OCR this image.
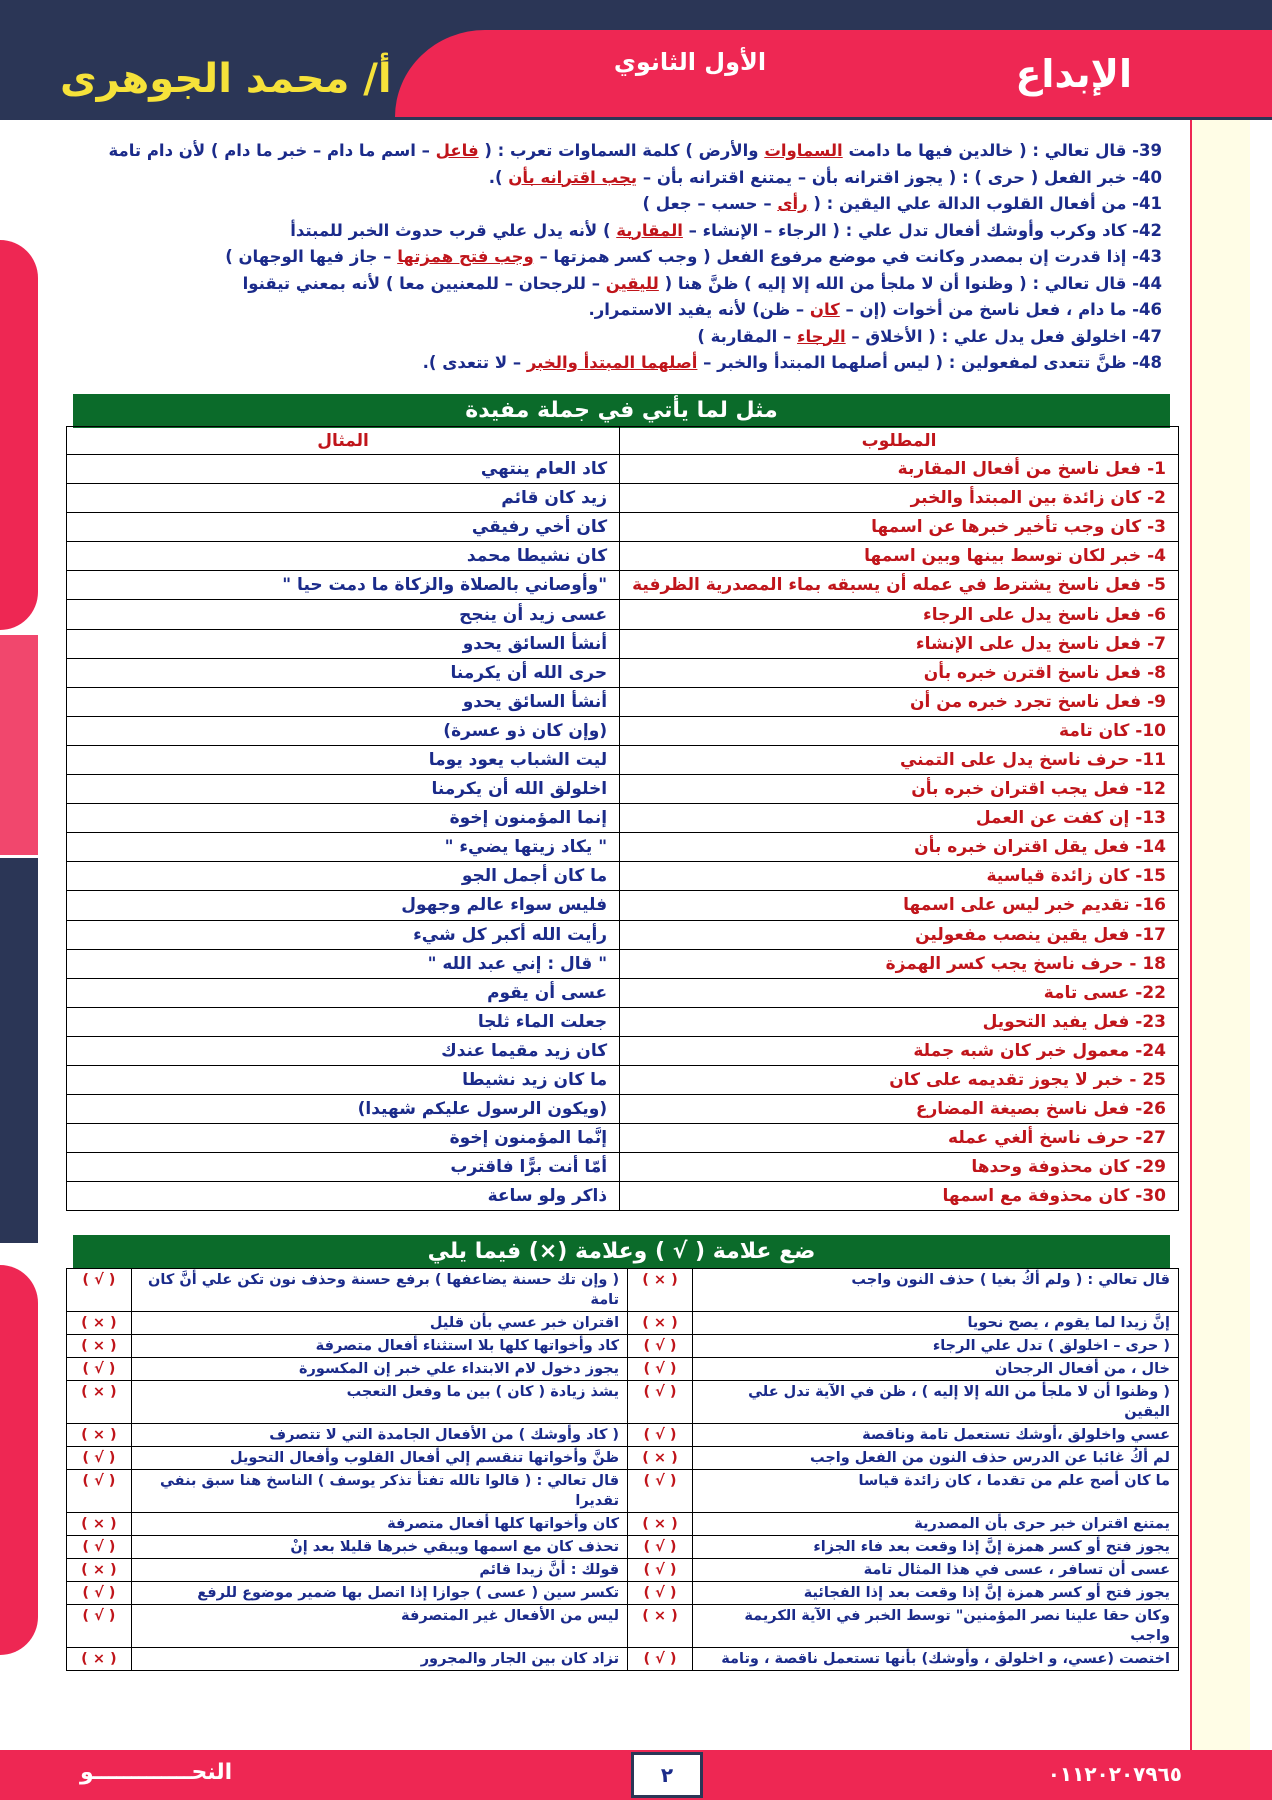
الإبداع
الأول الثانوي
أ/ محمد الجوهرى
39- قال تعالي : ( خالدين فيها ما دامت السماوات والأرض ) كلمة السماوات تعرب : ( فاعل – اسم ما دام – خبر ما دام ) لأن دام تامة
40- خبر الفعل ( حرى ) : ( يجوز اقترانه بأن – يمتنع اقترانه بأن – يجب اقترانه بأن ).
41- من أفعال القلوب الدالة علي اليقين : ( رأى – حسب – جعل )
42- كاد وكرب وأوشك أفعال تدل علي : ( الرجاء – الإنشاء – المقاربة ) لأنه يدل علي قرب حدوث الخبر للمبتدأ
43- إذا قدرت إن بمصدر وكانت في موضع مرفوع الفعل ( وجب كسر همزتها – وجب فتح همزتها – جاز فيها الوجهان )
44- قال تعالي : ( وظنوا أن لا ملجأ من الله إلا إليه ) ظنَّ هنا ( لليقين – للرجحان – للمعنيين معا ) لأنه بمعني تيقنوا
46- ما دام ، فعل ناسخ من أخوات (إن – كان – ظن) لأنه يفيد الاستمرار.
47- اخلولق فعل يدل علي : ( الأخلاق – الرجاء – المقاربة )
48- ظنَّ تتعدى لمفعولين : ( ليس أصلهما المبتدأ والخبر – أصلهما المبتدأ والخبر – لا تتعدى ).
مثل لما يأتي في جملة مفيدة
المطلوب	المثال
1- فعل ناسخ من أفعال المقاربة	كاد العام ينتهي
2- كان زائدة بين المبتدأ والخبر	زيد كان قائم
3- كان وجب تأخير خبرها عن اسمها	كان أخي رفيقي
4- خبر لكان توسط بينها وبين اسمها	كان نشيطا محمد
5- فعل ناسخ يشترط في عمله أن يسبقه بماء المصدرية الظرفية	"وأوصاني بالصلاة والزكاة ما دمت حيا "
6- فعل ناسخ يدل على الرجاء	عسى زيد أن ينجح
7- فعل ناسخ يدل على الإنشاء	أنشأ السائق يحدو
8- فعل ناسخ اقترن خبره بأن	حرى الله أن يكرمنا
9- فعل ناسخ تجرد خبره من أن	أنشأ السائق يحدو
10- كان تامة	(وإن كان ذو عسرة)
11- حرف ناسخ يدل على التمني	ليت الشباب يعود يوما
12- فعل يجب اقتران خبره بأن	اخلولق الله أن يكرمنا
13- إن كفت عن العمل	إنما المؤمنون إخوة
14- فعل يقل اقتران خبره بأن	" يكاد زيتها يضيء "
15- كان زائدة قياسية	ما كان أجمل الجو
16- تقديم خبر ليس على اسمها	فليس سواء عالم وجهول
17- فعل يقين ينصب مفعولين	رأيت الله أكبر كل شيء
18 - حرف ناسخ يجب كسر الهمزة	" قال : إني عبد الله "
22- عسى تامة	عسى أن يقوم
23- فعل يفيد التحويل	جعلت الماء ثلجا
24- معمول خبر كان شبه جملة	كان زيد مقيما عندك
25 - خبر لا يجوز تقديمه على كان	ما كان زيد نشيطا
26- فعل ناسخ بصيغة المضارع	(ويكون الرسول عليكم شهيدا)
27- حرف ناسخ ألغي عمله	إنَّما المؤمنون إخوة
29- كان محذوفة وحدها	أمّا أنت برًّا فاقترب
30- كان محذوفة مع اسمها	ذاكر ولو ساعة
ضع علامة ( √ ) وعلامة (×) فيما يلي
قال تعالي : ( ولم أكُ بغيا ) حذف النون واجب	( × )	( وإن تك حسنة يضاعفها ) برفع حسنة وحذف نون تكن علي أنَّ كان تامة	( √ )
إنَّ زيدا لما يقوم ، يصح نحويا	( × )	اقتران خبر عسي بأن قليل	( × )
( حرى – اخلولق ) تدل علي الرجاء	( √ )	كاد وأخواتها كلها بلا استثناء أفعال متصرفة	( × )
خال ، من أفعال الرجحان	( √ )	يجوز دخول لام الابتداء علي خبر إن المكسورة	( √ )
( وظنوا أن لا ملجأ من الله إلا إليه ) ، ظن في الآية تدل علي اليقين	( √ )	يشذ زيادة ( كان ) بين ما وفعل التعجب	( × )
عسي واخلولق ،أوشك تستعمل تامة وناقصة	( √ )	( كاد وأوشك ) من الأفعال الجامدة التي لا تتصرف	( × )
لم أكُ غائبا عن الدرس حذف النون من الفعل واجب	( × )	ظنَّ وأخواتها تنقسم إلي أفعال القلوب وأفعال التحويل	( √ )
ما كان أصح علم من تقدما ، كان زائدة قياسا	( √ )	قال تعالي : ( قالوا تالله تفتأ تذكر يوسف ) الناسخ هنا سبق بنفي تقديرا	( √ )
يمتنع اقتران خبر حرى بأن المصدرية	( × )	كان وأخواتها كلها أفعال متصرفة	( × )
يجوز فتح أو كسر همزة إنَّ إذا وقعت بعد فاء الجزاء	( √ )	تحذف كان مع اسمها ويبقي خبرها قليلا بعد إنْ	( √ )
عسى أن تسافر ، عسى في هذا المثال تامة	( √ )	قولك : أنَّ زيدا قائم	( × )
يجوز فتح أو كسر همزة إنَّ إذا وقعت بعد إذا الفجائية	( √ )	تكسر سين ( عسى ) جوازا إذا اتصل بها ضمير موضوع للرفع	( √ )
وكان حقا علينا نصر المؤمنين" توسط الخبر في الآية الكريمة واجب	( × )	ليس من الأفعال غير المتصرفة	( √ )
اختصت (عسي، و اخلولق ، وأوشك) بأنها تستعمل ناقصة ، وتامة	( √ )	تزاد كان بين الجار والمجرور	( × )
النحـــــــــــــو	٢	٠١١٢٠٢٠٧٩٦٥
